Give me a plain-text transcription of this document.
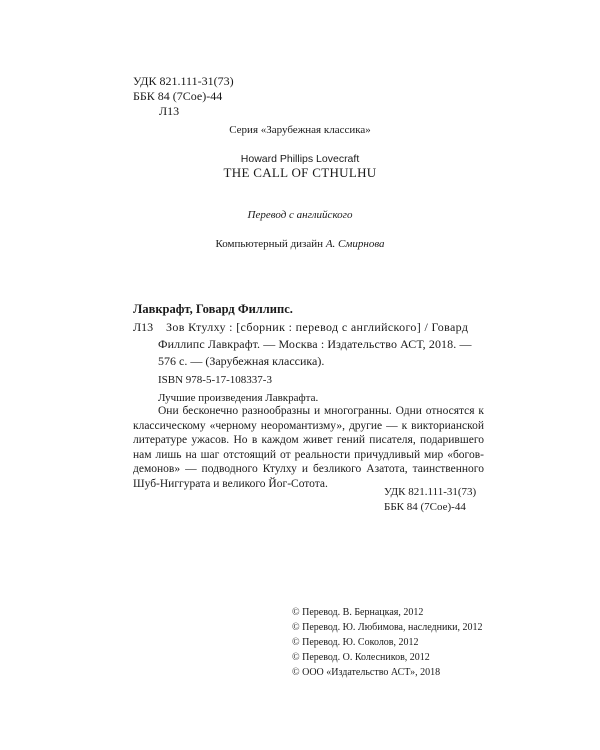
УДК 821.111-31(73)
ББК 84 (7Сое)-44
Л13
Серия «Зарубежная классика»
Howard Phillips Lovecraft
THE CALL OF CTHULHU
Перевод с английского
Компьютерный дизайн А. Смирнова
Лавкрафт, Говард Филлипс.
Л13 Зов Ктулху : [сборник : перевод с английского] / Говард
Филлипс Лавкрафт. — Москва : Издательство АСТ, 2018. —
576 с. — (Зарубежная классика).
ISBN 978-5-17-108337-3
Лучшие произведения Лавкрафта.
Они бесконечно разнообразны и многогранны. Одни относятся к классическому «черному неоромантизму», другие — к викторианской литературе ужасов. Но в каждом живет гений писателя, подарившего нам лишь на шаг отстоящий от реальности причудливый мир «богов-демонов» — подводного Ктулху и безликого Азатота, таинственного Шуб-Ниггурата и великого Йог-Сотота.
УДК 821.111-31(73)
ББК 84 (7Сое)-44
© Перевод. В. Бернацкая, 2012
© Перевод. Ю. Любимова, наследники, 2012
© Перевод. Ю. Соколов, 2012
© Перевод. О. Колесников, 2012
© ООО «Издательство АСТ», 2018
